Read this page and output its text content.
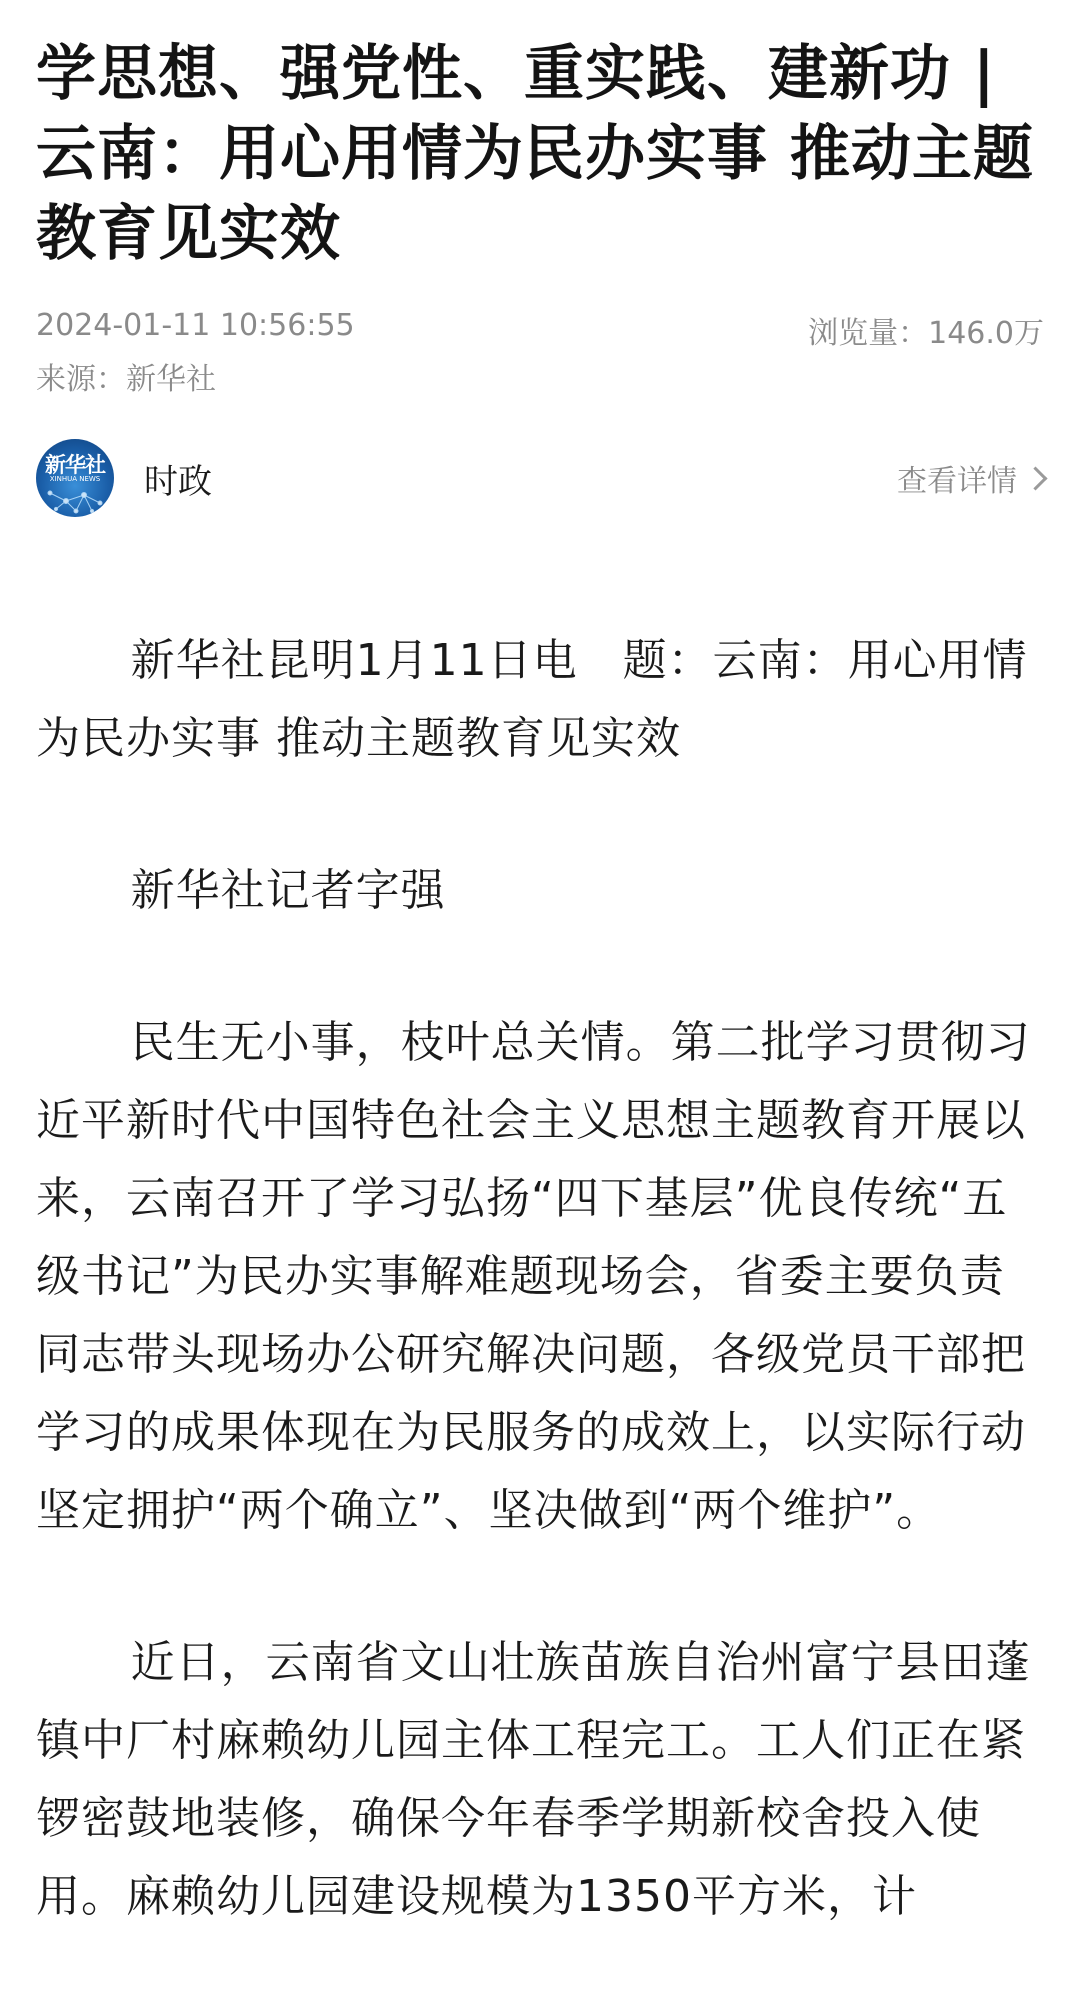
学思想、强党性、重实践、建新功 | 云南：用心用情为民办实事 推动主题教育见实效
2024-01-11 10:56:55	浏览量：146.0万
来源：新华社
新华社
XINHUA NEWS	时政	查看详情

新华社昆明1月11日电　题：云南：用心用情为民办实事 推动主题教育见实效

新华社记者字强

民生无小事，枝叶总关情。第二批学习贯彻习近平新时代中国特色社会主义思想主题教育开展以来，云南召开了学习弘扬“四下基层”优良传统“五级书记”为民办实事解难题现场会，省委主要负责同志带头现场办公研究解决问题，各级党员干部把学习的成果体现在为民服务的成效上，以实际行动坚定拥护“两个确立”、坚决做到“两个维护”。

近日，云南省文山壮族苗族自治州富宁县田蓬镇中厂村麻赖幼儿园主体工程完工。工人们正在紧锣密鼓地装修，确保今年春季学期新校舍投入使用。麻赖幼儿园建设规模为1350平方米，计
